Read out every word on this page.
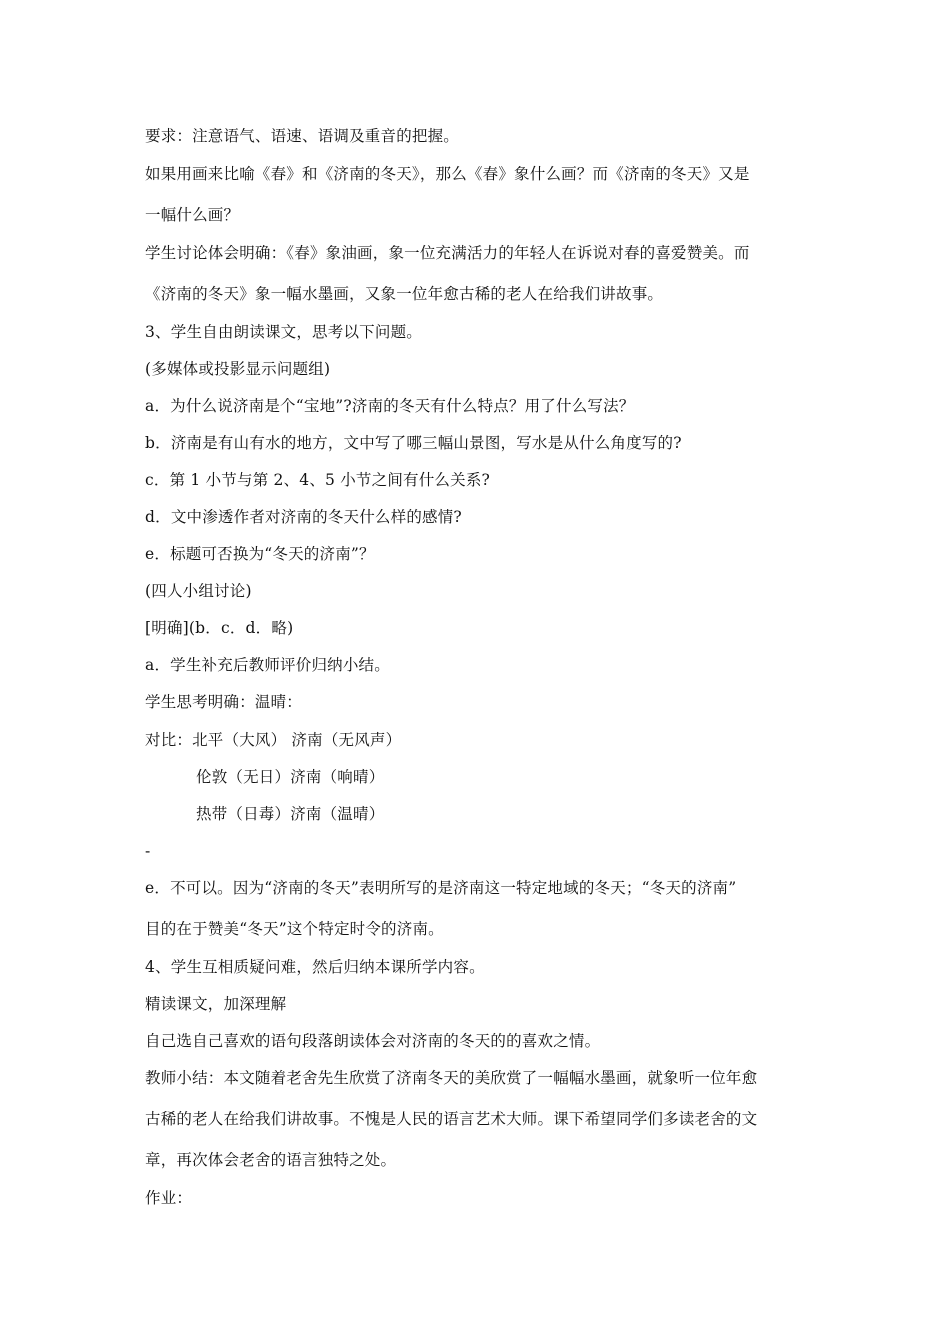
要求：注意语气、语速、语调及重音的把握。
如果用画来比喻《春》和《济南的冬天》，那么《春》象什么画？而《济南的冬天》又是
一幅什么画？
学生讨论体会明确：《春》象油画，象一位充满活力的年轻人在诉说对春的喜爱赞美。而
《济南的冬天》象一幅水墨画，又象一位年愈古稀的老人在给我们讲故事。
3、学生自由朗读课文，思考以下问题。
(多媒体或投影显示问题组)
a．为什么说济南是个“宝地”?济南的冬天有什么特点？用了什么写法？
b．济南是有山有水的地方，文中写了哪三幅山景图，写水是从什么角度写的?
c．第 1 小节与第 2、4、5 小节之间有什么关系?
d．文中渗透作者对济南的冬天什么样的感情?
e．标题可否换为“冬天的济南”？
(四人小组讨论)
[明确](b．c．d．略)
a．学生补充后教师评价归纳小结。
学生思考明确：温晴：
对比：北平（大风） 济南（无风声）
伦敦（无日）济南（响晴）
热带（日毒）济南（温晴）
-
e．不可以。因为“济南的冬天”表明所写的是济南这一特定地域的冬天；“冬天的济南”
目的在于赞美“冬天”这个特定时令的济南。
4、学生互相质疑问难，然后归纳本课所学内容。
精读课文，加深理解
自己选自己喜欢的语句段落朗读体会对济南的冬天的的喜欢之情。
教师小结：本文随着老舍先生欣赏了济南冬天的美欣赏了一幅幅水墨画，就象听一位年愈
古稀的老人在给我们讲故事。不愧是人民的语言艺术大师。课下希望同学们多读老舍的文
章，再次体会老舍的语言独特之处。
作业：
